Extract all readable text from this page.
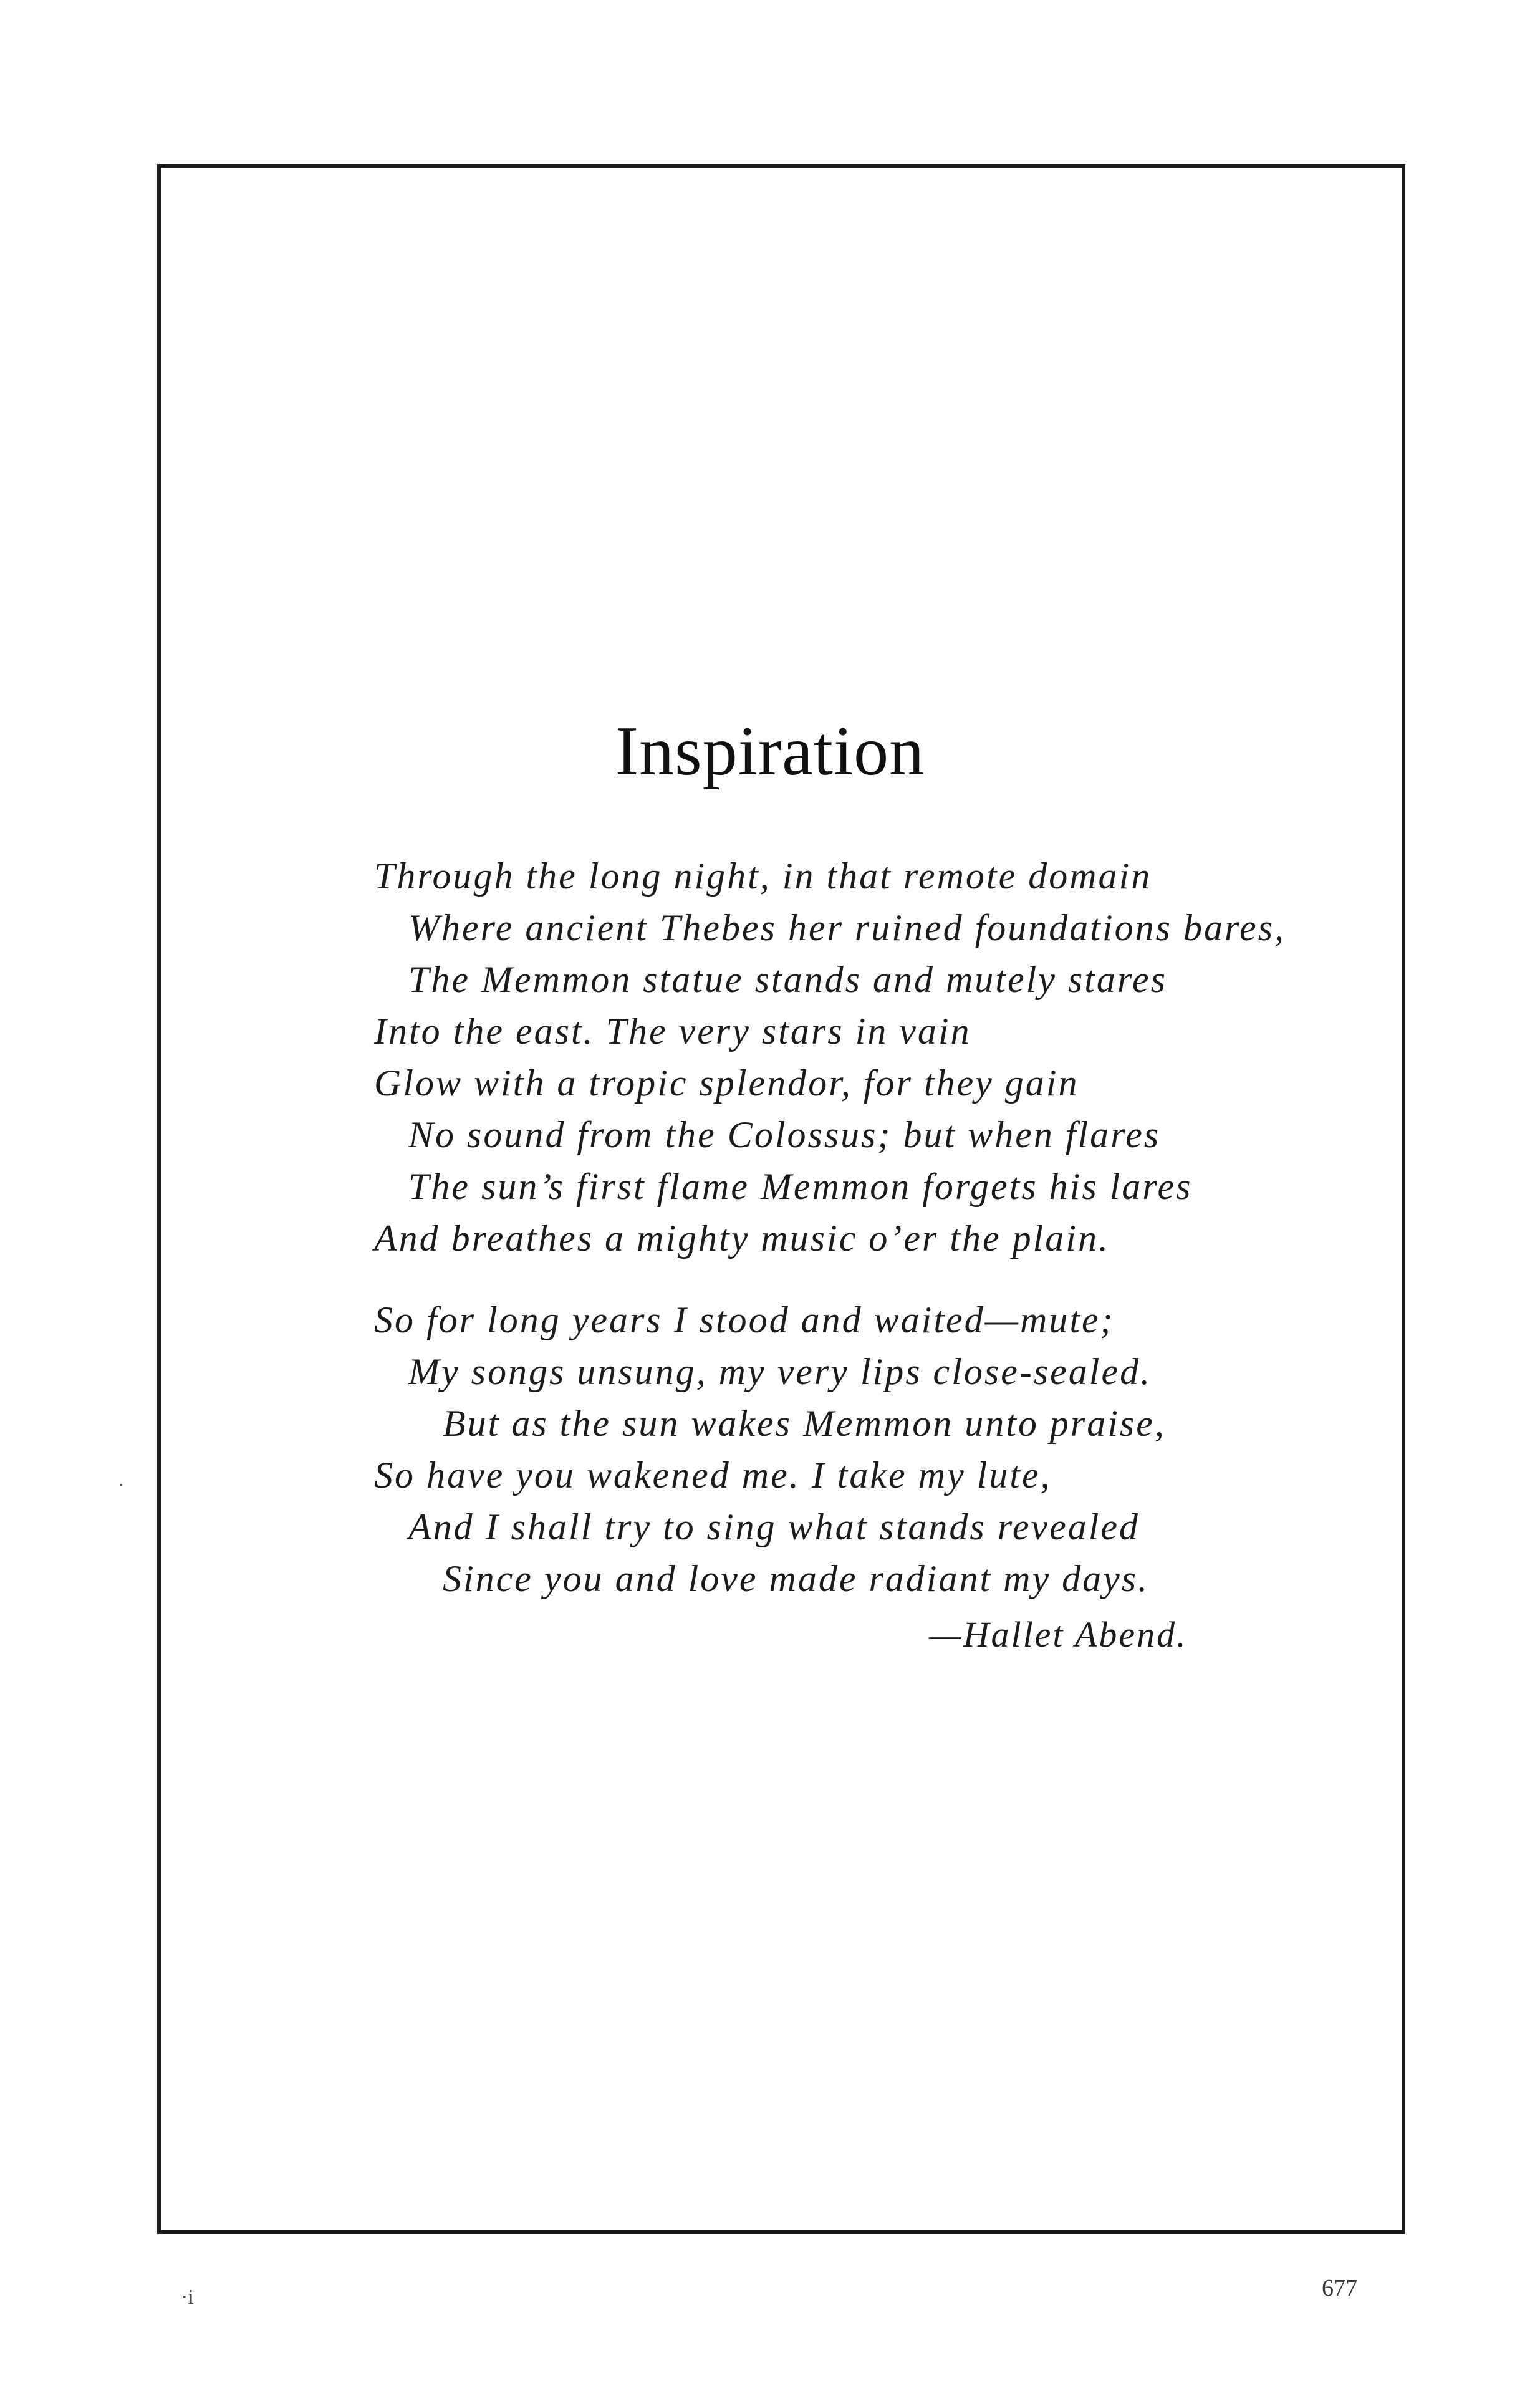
Inspiration
Through the long night, in that remote domain
Where ancient Thebes her ruined foundations bares,
The Memmon statue stands and mutely stares
Into the east. The very stars in vain
Glow with a tropic splendor, for they gain
No sound from the Colossus; but when flares
The sun’s first flame Memmon forgets his lares
And breathes a mighty music o’er the plain.
So for long years I stood and waited—mute;
My songs unsung, my very lips close-sealed.
But as the sun wakes Memmon unto praise,
So have you wakened me. I take my lute,
And I shall try to sing what stands revealed
Since you and love made radiant my days.
—Hallet Abend.
·i	677
